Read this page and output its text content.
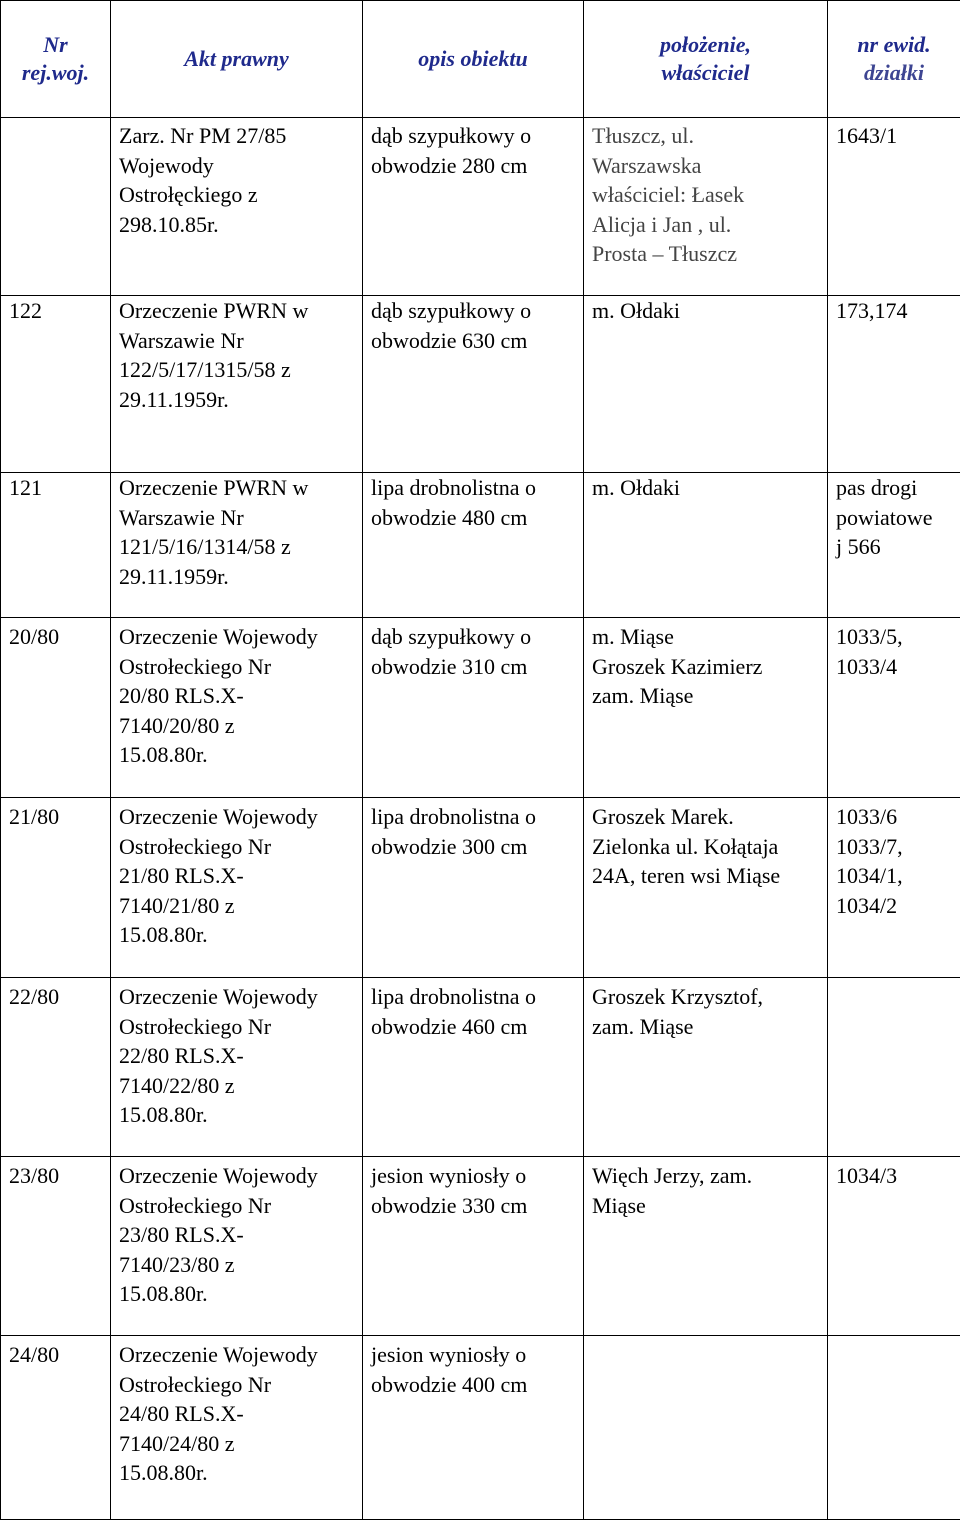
Nr
rej.woj.	Akt prawny	opis obiektu	położenie,
właściciel	nr ewid.
działki

	Zarz. Nr PM 27/85
Wojewody
Ostrołęckiego z
298.10.85r.	dąb szypułkowy o
obwodzie 280 cm	Tłuszcz, ul.
Warszawska
właściciel: Łasek
Alicja i Jan , ul.
Prosta – Tłuszcz	1643/1

122	Orzeczenie PWRN w
Warszawie Nr
122/5/17/1315/58 z
29.11.1959r.	dąb szypułkowy o
obwodzie 630 cm	m. Ołdaki	173,174

121	Orzeczenie PWRN w
Warszawie Nr
121/5/16/1314/58 z
29.11.1959r.	lipa drobnolistna o
obwodzie 480 cm	m. Ołdaki	pas drogi
powiatowe
j 566

20/80	Orzeczenie Wojewody
Ostrołeckiego Nr
20/80 RLS.X-
7140/20/80 z
15.08.80r.	dąb szypułkowy o
obwodzie 310 cm	m. Miąse
Groszek Kazimierz
zam. Miąse	1033/5,
1033/4

21/80	Orzeczenie Wojewody
Ostrołeckiego Nr
21/80 RLS.X-
7140/21/80 z
15.08.80r.	lipa drobnolistna o
obwodzie 300 cm	Groszek Marek.
Zielonka ul. Kołątaja
24A, teren wsi Miąse	1033/6
1033/7,
1034/1,
1034/2

22/80	Orzeczenie Wojewody
Ostrołeckiego Nr
22/80 RLS.X-
7140/22/80 z
15.08.80r.	lipa drobnolistna o
obwodzie 460 cm	Groszek Krzysztof,
zam. Miąse	

23/80	Orzeczenie Wojewody
Ostrołeckiego Nr
23/80 RLS.X-
7140/23/80 z
15.08.80r.	jesion wyniosły o
obwodzie 330 cm	Więch Jerzy, zam.
Miąse	1034/3

24/80	Orzeczenie Wojewody
Ostrołeckiego Nr
24/80 RLS.X-
7140/24/80 z
15.08.80r.	jesion wyniosły o
obwodzie 400 cm		
